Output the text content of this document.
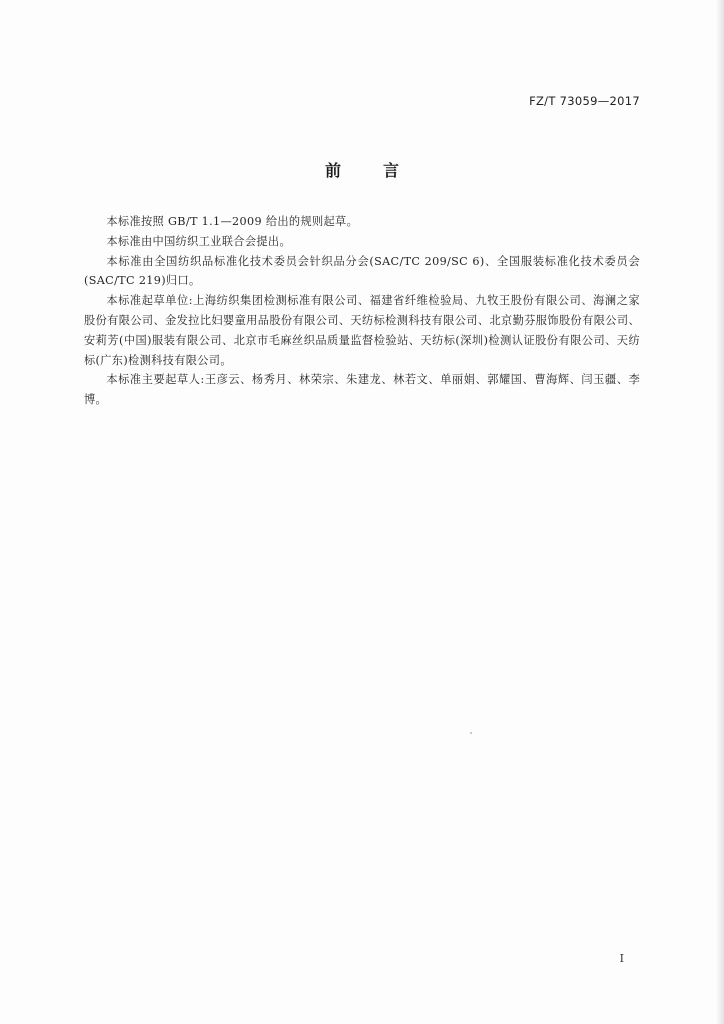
FZ/T 73059—2017
前言

本标准按照 GB/T 1.1—2009 给出的规则起草。

本标准由中国纺织工业联合会提出。

本标准由全国纺织品标准化技术委员会针织品分会(SAC/TC 209/SC 6)、全国服装标准化技术委员会(SAC/TC 219)归口。

本标准起草单位:上海纺织集团检测标准有限公司、福建省纤维检验局、九牧王股份有限公司、海澜之家股份有限公司、金发拉比妇婴童用品股份有限公司、天纺标检测科技有限公司、北京勤芬服饰股份有限公司、安莉芳(中国)服装有限公司、北京市毛麻丝织品质量监督检验站、天纺标(深圳)检测认证股份有限公司、天纺标(广东)检测科技有限公司。

本标准主要起草人:王彦云、杨秀月、林荣宗、朱建龙、林若文、单丽娟、郭耀国、曹海辉、闫玉疆、李博。

I
